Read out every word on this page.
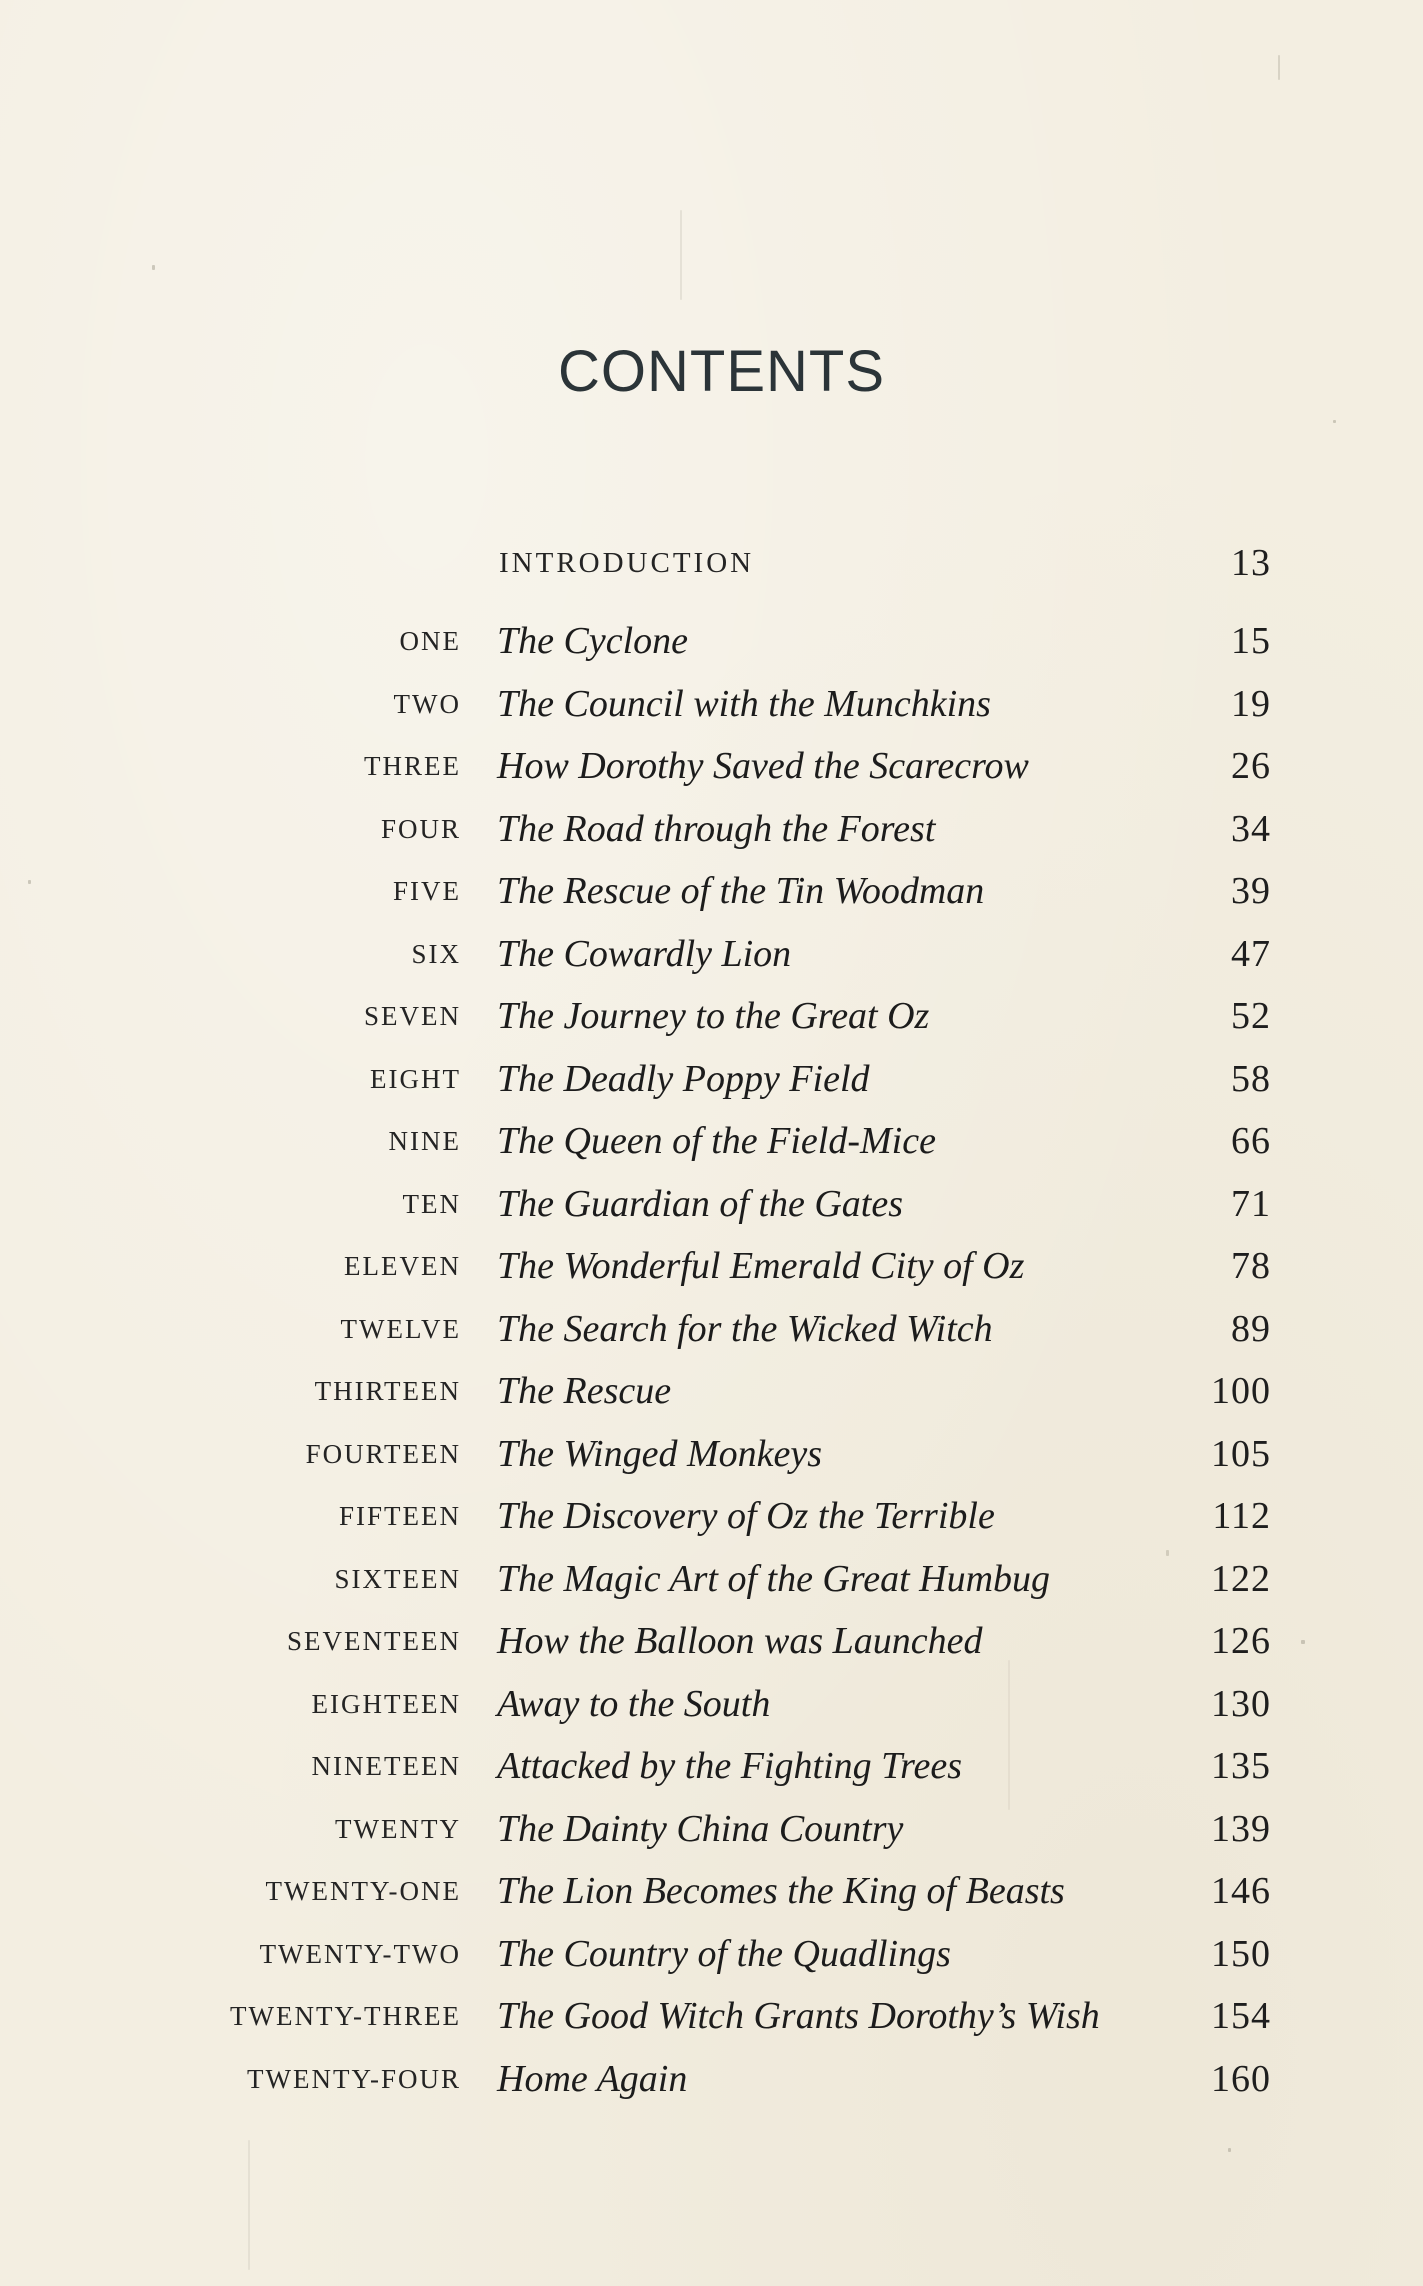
CONTENTS
INTRODUCTION	13
ONE The Cyclone	15
TWO The Council with the Munchkins	19
THREE How Dorothy Saved the Scarecrow	26
FOUR The Road through the Forest	34
FIVE The Rescue of the Tin Woodman	39
SIX The Cowardly Lion	47
SEVEN The Journey to the Great Oz	52
EIGHT The Deadly Poppy Field	58
NINE The Queen of the Field-Mice	66
TEN The Guardian of the Gates	71
ELEVEN The Wonderful Emerald City of Oz	78
TWELVE The Search for the Wicked Witch	89
THIRTEEN The Rescue	100
FOURTEEN The Winged Monkeys	105
FIFTEEN The Discovery of Oz the Terrible	112
SIXTEEN The Magic Art of the Great Humbug	122
SEVENTEEN How the Balloon was Launched	126
EIGHTEEN Away to the South	130
NINETEEN Attacked by the Fighting Trees	135
TWENTY The Dainty China Country	139
TWENTY-ONE The Lion Becomes the King of Beasts	146
TWENTY-TWO The Country of the Quadlings	150
TWENTY-THREE The Good Witch Grants Dorothy’s Wish	154
TWENTY-FOUR Home Again	160
